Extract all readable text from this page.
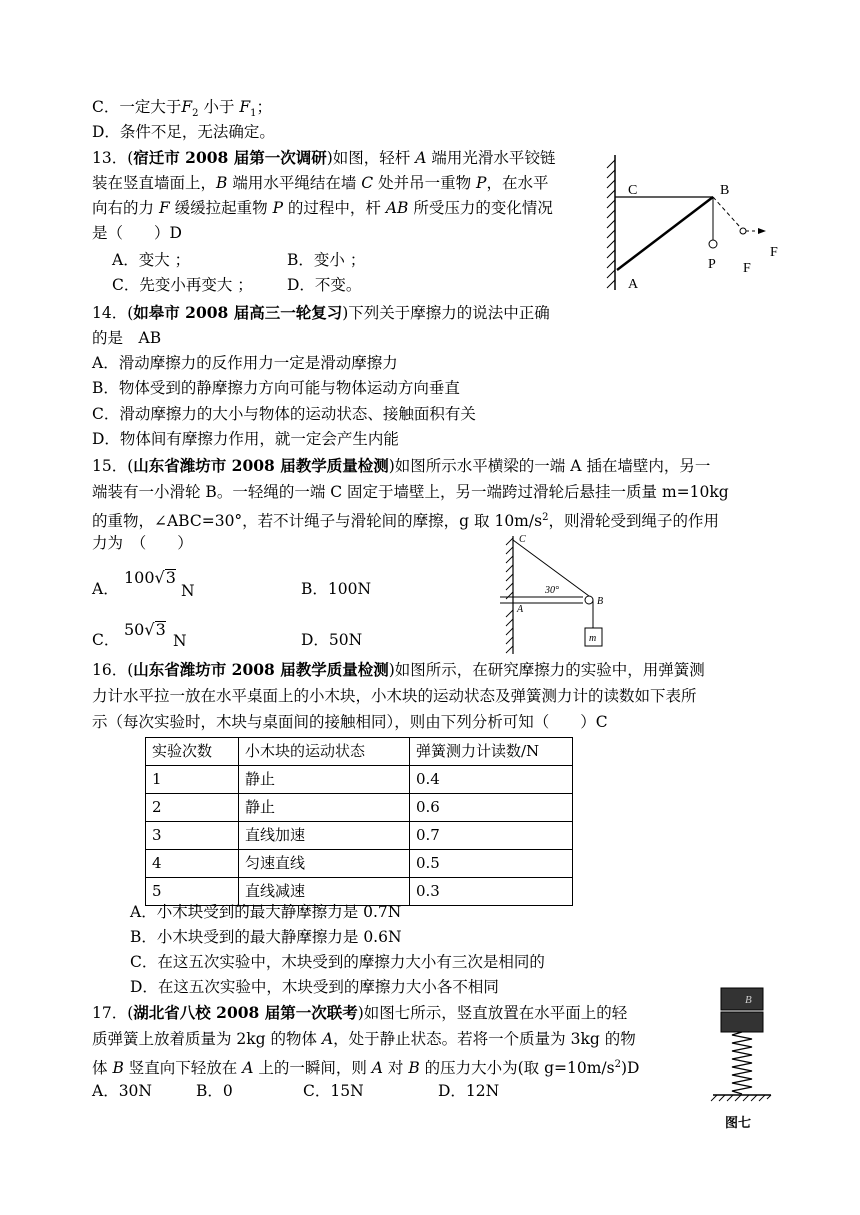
C．一定大于$F_2$ 小于 $F_1$；
D．条件不足，无法确定。
13．(宿迁市 2008 届第一次调研)如图，轻杆 A 端用光滑水平铰链
装在竖直墙面上，B 端用水平绳结在墙 C 处并吊一重物 P，在水平
向右的力 F 缓缓拉起重物 P 的过程中，杆 AB 所受压力的变化情况
是（　　）D
A．变大 ；	B．变小 ；
C．先变小再变大 ； D．不变。
C	B
A
P F
F
14．(如皋市 2008 届高三一轮复习)下列关于摩擦力的说法中正确
的是　AB
A．滑动摩擦力的反作用力一定是滑动摩擦力
B．物体受到的静摩擦力方向可能与物体运动方向垂直
C．滑动摩擦力的大小与物体的运动状态、接触面积有关
D．物体间有摩擦力作用，就一定会产生内能
15．(山东省潍坊市 2008 届教学质量检测)如图所示水平横梁的一端 A 插在墙壁内，另一
端装有一小滑轮 B。一轻绳的一端 C 固定于墙壁上，另一端跨过滑轮后悬挂一质量 m=10kg
的重物，∠ABC=30°，若不计绳子与滑轮间的摩擦，g 取 $10m/s^2$，则滑轮受到绳子的作用
力为　（　　）
A．
100√3
N	B．100N
C．
50√3
N	D．50N
C
30°
A
B
m
16．(山东省潍坊市 2008 届教学质量检测)如图所示，在研究摩擦力的实验中，用弹簧测
力计水平拉一放在水平桌面上的小木块，小木块的运动状态及弹簧测力计的读数如下表所
示（每次实验时，木块与桌面间的接触相同），则由下列分析可知（　　）C
实验次数	小木块的运动状态	弹簧测力计读数/N
1	静止	0.4
2	静止	0.6
3	直线加速	0.7
4	匀速直线	0.5
5	直线减速	0.3
A．小木块受到的最大静摩擦力是 0.7N
B．小木块受到的最大静摩擦力是 0.6N
C．在这五次实验中，木块受到的摩擦力大小有三次是相同的
D．在这五次实验中，木块受到的摩擦力大小各不相同
17．(湖北省八校 2008 届第一次联考)如图七所示，竖直放置在水平面上的轻
质弹簧上放着质量为 2kg 的物体 A，处于静止状态。若将一个质量为 3kg 的物
体 B 竖直向下轻放在 A 上的一瞬间，则 A 对 B 的压力大小为(取 $g=10m/s^2)D$
A．30N	B．0	C．15N	D．12N
B
图七
